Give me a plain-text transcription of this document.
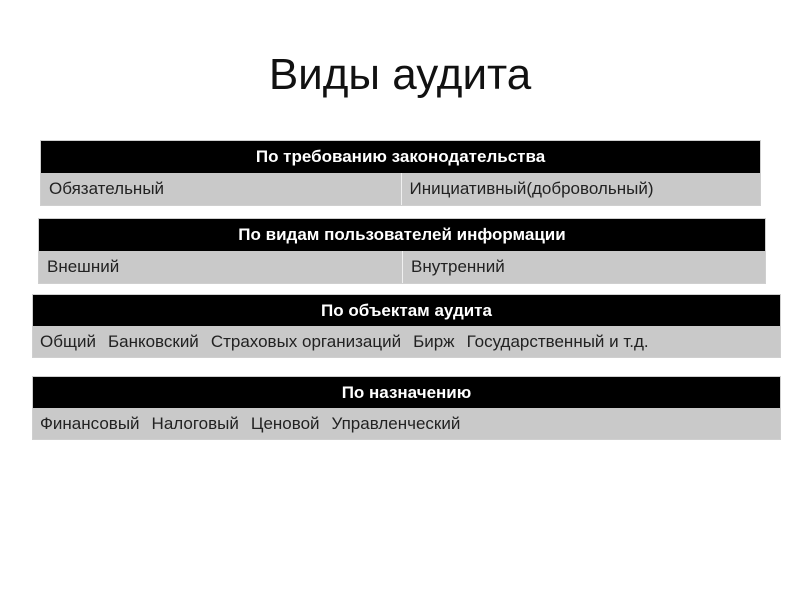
Виды аудита
По требованию законодательства
Обязательный	Инициативный(добровольный)
По видам пользователей информации
Внешний	Внутренний
По объектам аудита
Общий Банковский Страховых организаций Бирж Государственный и т.д.
По назначению
Финансовый Налоговый Ценовой Управленческий
